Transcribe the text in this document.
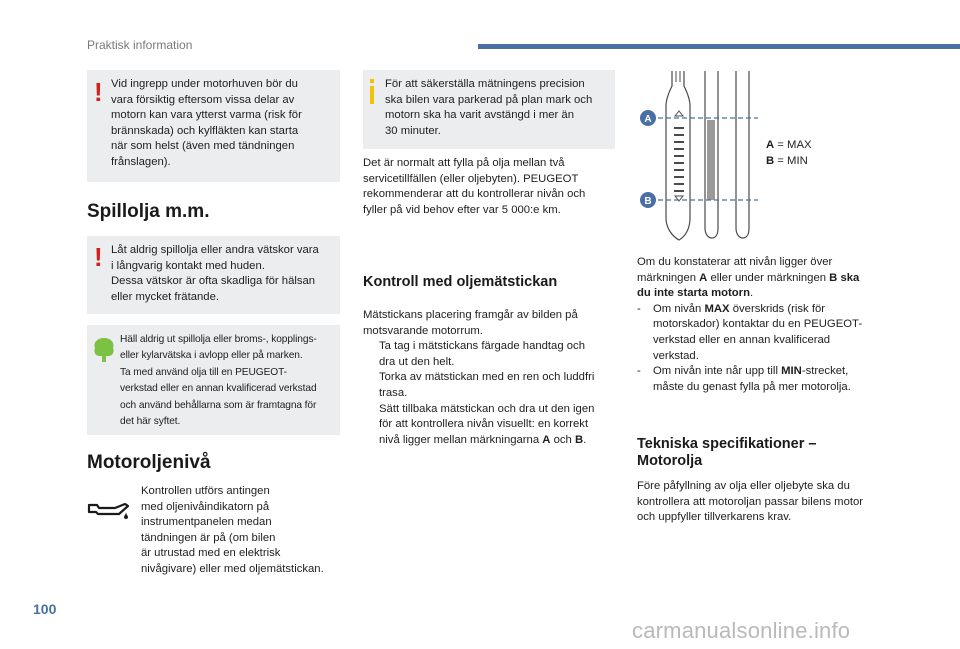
Praktisk information
! Vid ingrepp under motorhuven bör du
vara försiktig eftersom vissa delar av
motorn kan vara ytterst varma (risk för
brännskada) och kylfläkten kan starta
när som helst (även med tändningen
frånslagen).
Spillolja m.m.
! Låt aldrig spillolja eller andra vätskor vara
i långvarig kontakt med huden.
Dessa vätskor är ofta skadliga för hälsan
eller mycket frätande.
Häll aldrig ut spillolja eller broms-, kopplings-
eller kylarvätska i avlopp eller på marken.
Ta med använd olja till en PEUGEOT-
verkstad eller en annan kvalificerad verkstad
och använd behållarna som är framtagna för
det här syftet.
Motoroljenivå
Kontrollen utförs antingen
med oljenivåindikatorn på
instrumentpanelen medan
tändningen är på (om bilen
är utrustad med en elektrisk
nivågivare) eller med oljemätstickan.
För att säkerställa mätningens precision
ska bilen vara parkerad på plan mark och
motorn ska ha varit avstängd i mer än
30 minuter.
Det är normalt att fylla på olja mellan två
servicetillfällen (eller oljebyten). PEUGEOT
rekommenderar att du kontrollerar nivån och
fyller på vid behov efter var 5 000:e km.
Kontroll med oljemätstickan
Mätstickans placering framgår av bilden på
motsvarande motorrum.
Ta tag i mätstickans färgade handtag och
dra ut den helt.
Torka av mätstickan med en ren och luddfri
trasa.
Sätt tillbaka mätstickan och dra ut den igen
för att kontrollera nivån visuellt: en korrekt
nivå ligger mellan märkningarna A och B.
A
B
A = MAX
B = MIN
Om du konstaterar att nivån ligger över
märkningen A eller under märkningen B ska
du inte starta motorn.
-	Om nivån MAX överskrids (risk för
motorskador) kontaktar du en PEUGEOT-
verkstad eller en annan kvalificerad
verkstad.
-	Om nivån inte når upp till MIN-strecket,
måste du genast fylla på mer motorolja.
Tekniska specifikationer –
Motorolja
Före påfyllning av olja eller oljebyte ska du
kontrollera att motoroljan passar bilens motor
och uppfyller tillverkarens krav.
100
carmanualsonline.info
